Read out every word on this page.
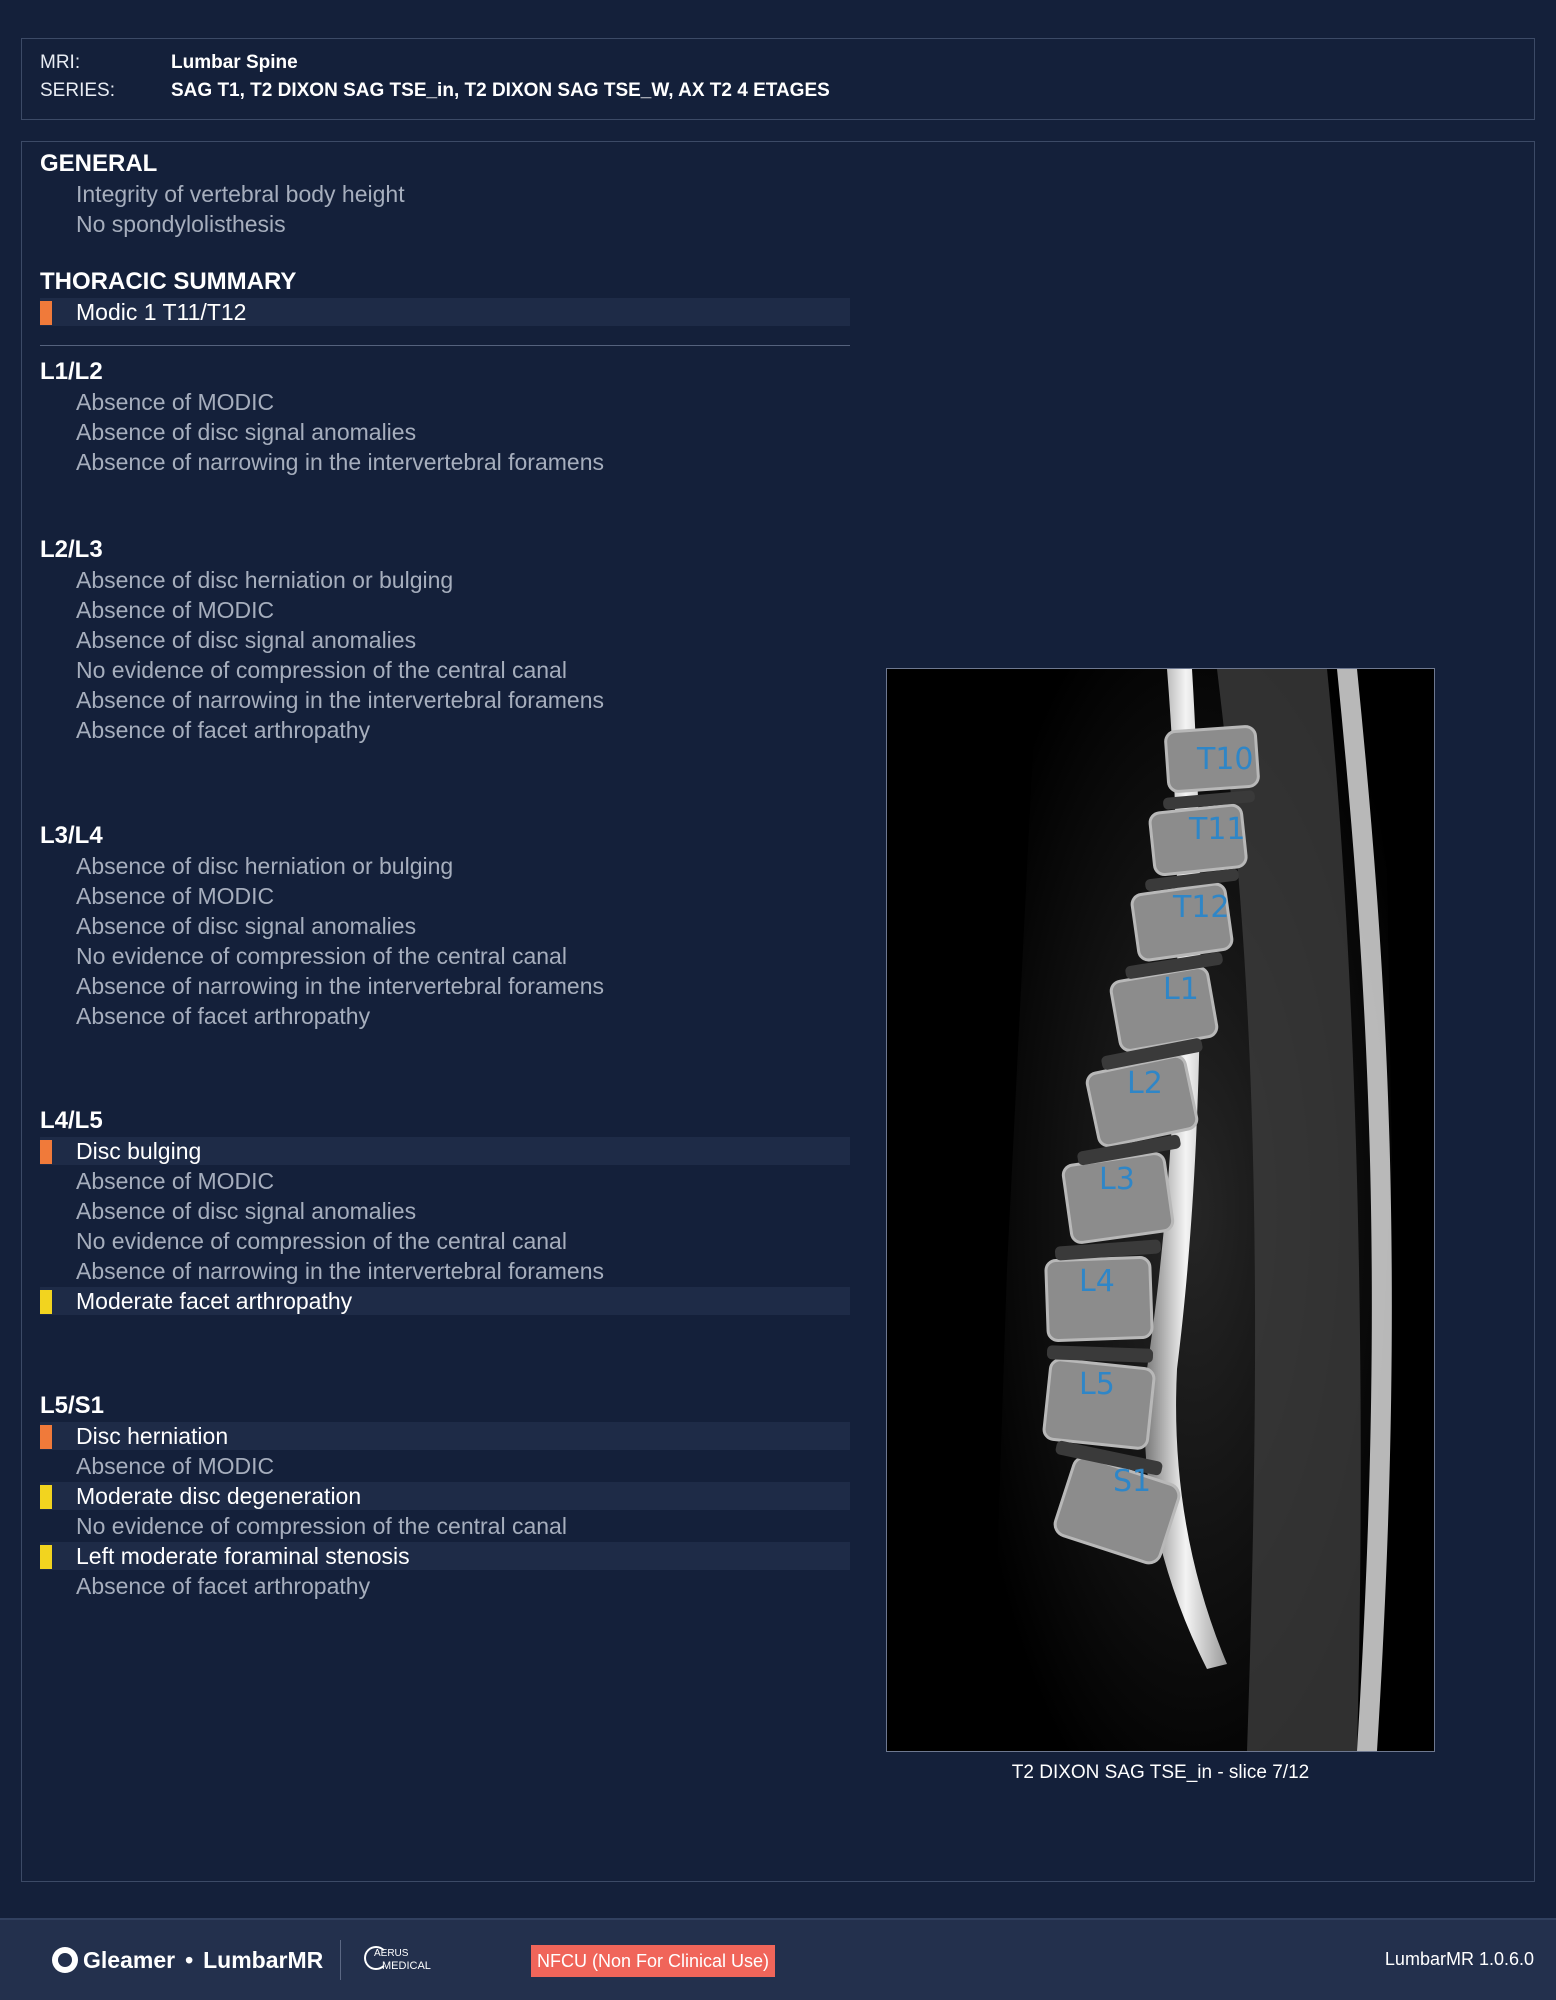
MRI:	Lumbar Spine
SERIES:	SAG T1, T2 DIXON SAG TSE_in, T2 DIXON SAG TSE_W, AX T2 4 ETAGES
GENERAL
Integrity of vertebral body height
No spondylolisthesis
THORACIC SUMMARY
Modic 1 T11/T12
L1/L2
Absence of MODIC
Absence of disc signal anomalies
Absence of narrowing in the intervertebral foramens
L2/L3
Absence of disc herniation or bulging
Absence of MODIC
Absence of disc signal anomalies
No evidence of compression of the central canal
Absence of narrowing in the intervertebral foramens
Absence of facet arthropathy
L3/L4
Absence of disc herniation or bulging
Absence of MODIC
Absence of disc signal anomalies
No evidence of compression of the central canal
Absence of narrowing in the intervertebral foramens
Absence of facet arthropathy
L4/L5
Disc bulging
Absence of MODIC
Absence of disc signal anomalies
No evidence of compression of the central canal
Absence of narrowing in the intervertebral foramens
Moderate facet arthropathy
L5/S1
Disc herniation
Absence of MODIC
Moderate disc degeneration
No evidence of compression of the central canal
Left moderate foraminal stenosis
Absence of facet arthropathy
T10
T11
T12
L1
L2
L3
L4
L5
S1
T2 DIXON SAG TSE_in - slice 7/12
Gleamer • LumbarMR	AERUS
MEDICAL	NFCU (Non For Clinical Use)	LumbarMR 1.0.6.0
